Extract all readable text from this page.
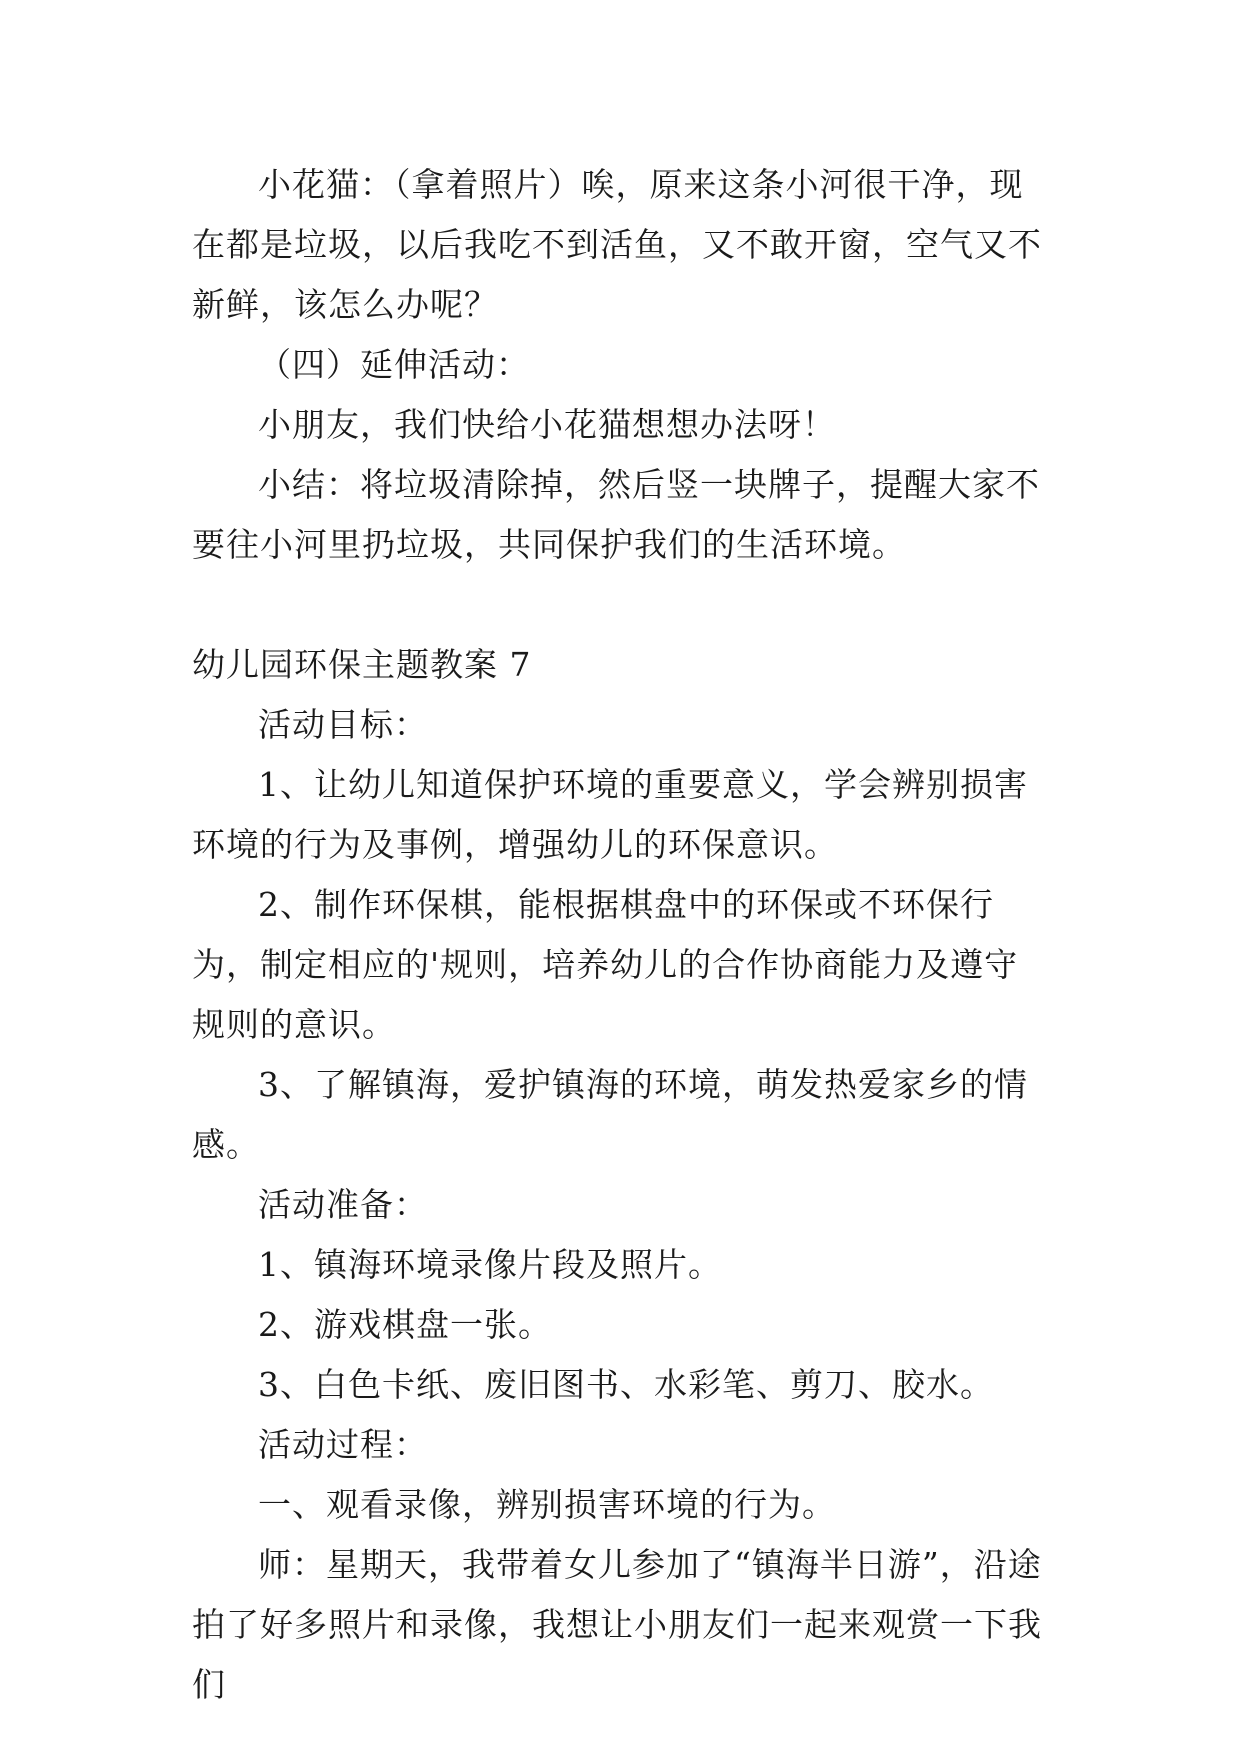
小花猫：（拿着照片）唉，原来这条小河很干净，现在都是垃圾，以后我吃不到活鱼，又不敢开窗，空气又不新鲜，该怎么办呢？

（四）延伸活动：

小朋友，我们快给小花猫想想办法呀！

小结：将垃圾清除掉，然后竖一块牌子，提醒大家不要往小河里扔垃圾，共同保护我们的生活环境。

幼儿园环保主题教案 7

活动目标：

1、让幼儿知道保护环境的重要意义，学会辨别损害环境的行为及事例，增强幼儿的环保意识。

2、制作环保棋，能根据棋盘中的环保或不环保行为，制定相应的'规则，培养幼儿的合作协商能力及遵守规则的意识。

3、了解镇海，爱护镇海的环境，萌发热爱家乡的情感。

活动准备：

1、镇海环境录像片段及照片。

2、游戏棋盘一张。

3、白色卡纸、废旧图书、水彩笔、剪刀、胶水。

活动过程：

一、观看录像，辨别损害环境的行为。

师：星期天，我带着女儿参加了“镇海半日游”，沿途拍了好多照片和录像，我想让小朋友们一起来观赏一下我们
